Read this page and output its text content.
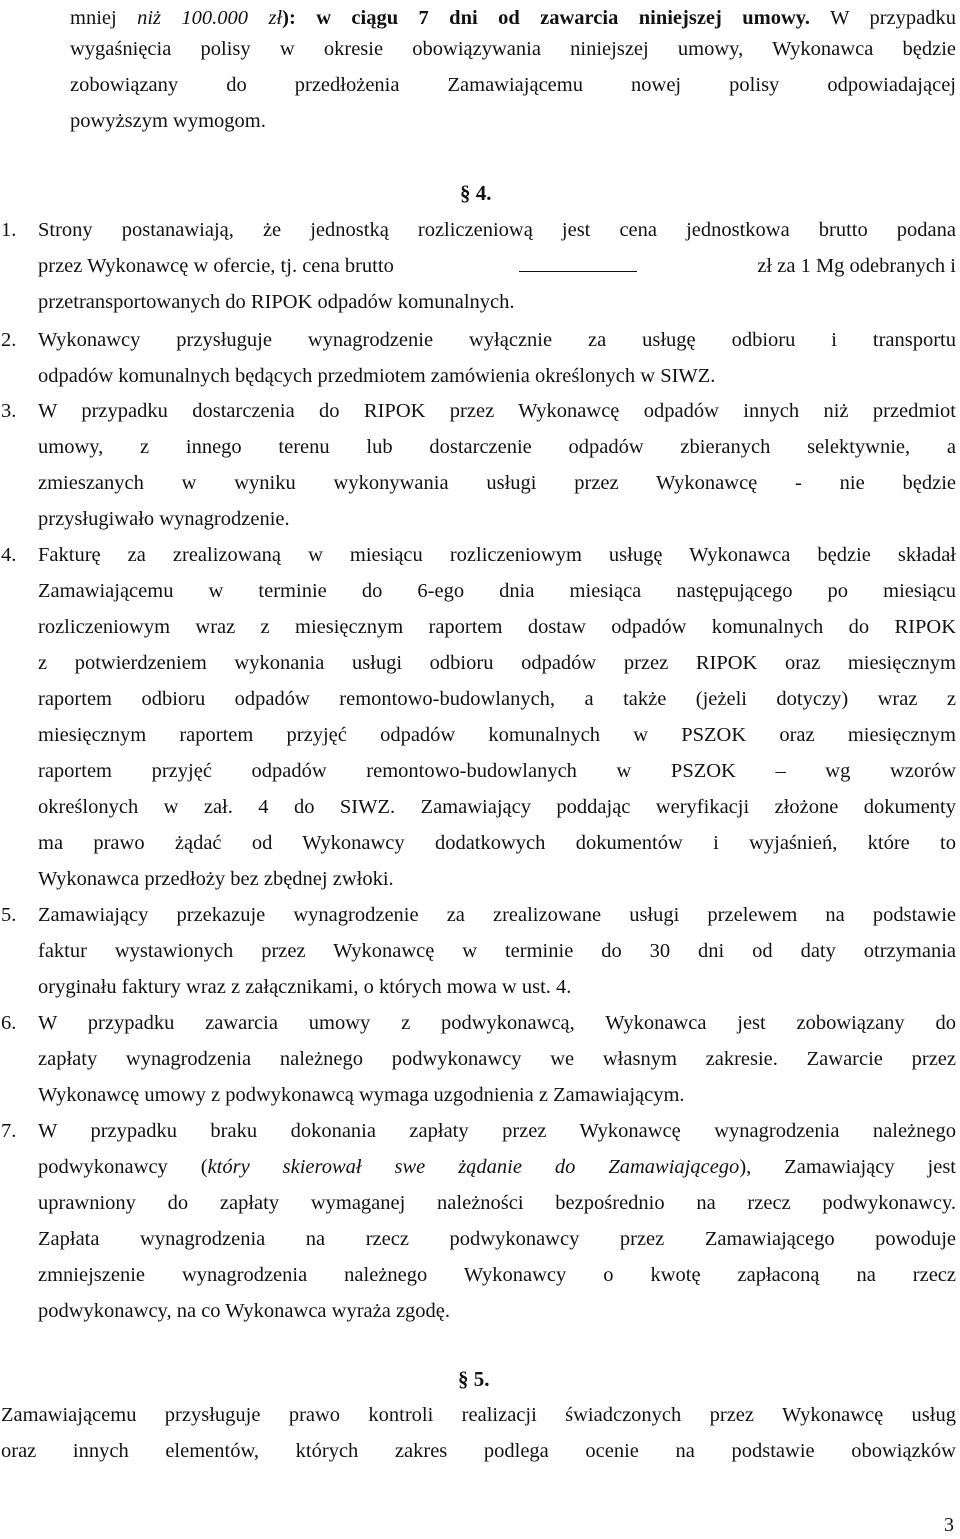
mniej niż 100.000 zł): w ciągu 7 dni od zawarcia niniejszej umowy. W przypadku
wygaśnięcia polisy w okresie obowiązywania niniejszej umowy, Wykonawca będzie
zobowiązany do przedłożenia Zamawiającemu nowej polisy odpowiadającej
powyższym wymogom.
§ 4.
1. Strony postanawiają, że jednostką rozliczeniową jest cena jednostkowa brutto podana
przez Wykonawcę w ofercie, tj. cena brutto	zł za 1 Mg odebranych i
przetransportowanych do RIPOK odpadów komunalnych.
2. Wykonawcy przysługuje wynagrodzenie wyłącznie za usługę odbioru i transportu
odpadów komunalnych będących przedmiotem zamówienia określonych w SIWZ.
3. W przypadku dostarczenia do RIPOK przez Wykonawcę odpadów innych niż przedmiot
umowy, z innego terenu lub dostarczenie odpadów zbieranych selektywnie, a
zmieszanych w wyniku wykonywania usługi przez Wykonawcę - nie będzie
przysługiwało wynagrodzenie.
4. Fakturę za zrealizowaną w miesiącu rozliczeniowym usługę Wykonawca będzie składał
Zamawiającemu w terminie do 6-ego dnia miesiąca następującego po miesiącu
rozliczeniowym wraz z miesięcznym raportem dostaw odpadów komunalnych do RIPOK
z potwierdzeniem wykonania usługi odbioru odpadów przez RIPOK oraz miesięcznym
raportem odbioru odpadów remontowo-budowlanych, a także (jeżeli dotyczy) wraz z
miesięcznym raportem przyjęć odpadów komunalnych w PSZOK oraz miesięcznym
raportem przyjęć odpadów remontowo-budowlanych w PSZOK – wg wzorów
określonych w zał. 4 do SIWZ. Zamawiający poddając weryfikacji złożone dokumenty
ma prawo żądać od Wykonawcy dodatkowych dokumentów i wyjaśnień, które to
Wykonawca przedłoży bez zbędnej zwłoki.
5. Zamawiający przekazuje wynagrodzenie za zrealizowane usługi przelewem na podstawie
faktur wystawionych przez Wykonawcę w terminie do 30 dni od daty otrzymania
oryginału faktury wraz z załącznikami, o których mowa w ust. 4.
6. W przypadku zawarcia umowy z podwykonawcą, Wykonawca jest zobowiązany do
zapłaty wynagrodzenia należnego podwykonawcy we własnym zakresie. Zawarcie przez
Wykonawcę umowy z podwykonawcą wymaga uzgodnienia z Zamawiającym.
7. W przypadku braku dokonania zapłaty przez Wykonawcę wynagrodzenia należnego
podwykonawcy (który skierował swe żądanie do Zamawiającego), Zamawiający jest
uprawniony do zapłaty wymaganej należności bezpośrednio na rzecz podwykonawcy.
Zapłata wynagrodzenia na rzecz podwykonawcy przez Zamawiającego powoduje
zmniejszenie wynagrodzenia należnego Wykonawcy o kwotę zapłaconą na rzecz
podwykonawcy, na co Wykonawca wyraża zgodę.
§ 5.
Zamawiającemu przysługuje prawo kontroli realizacji świadczonych przez Wykonawcę usług
oraz innych elementów, których zakres podlega ocenie na podstawie obowiązków
3
